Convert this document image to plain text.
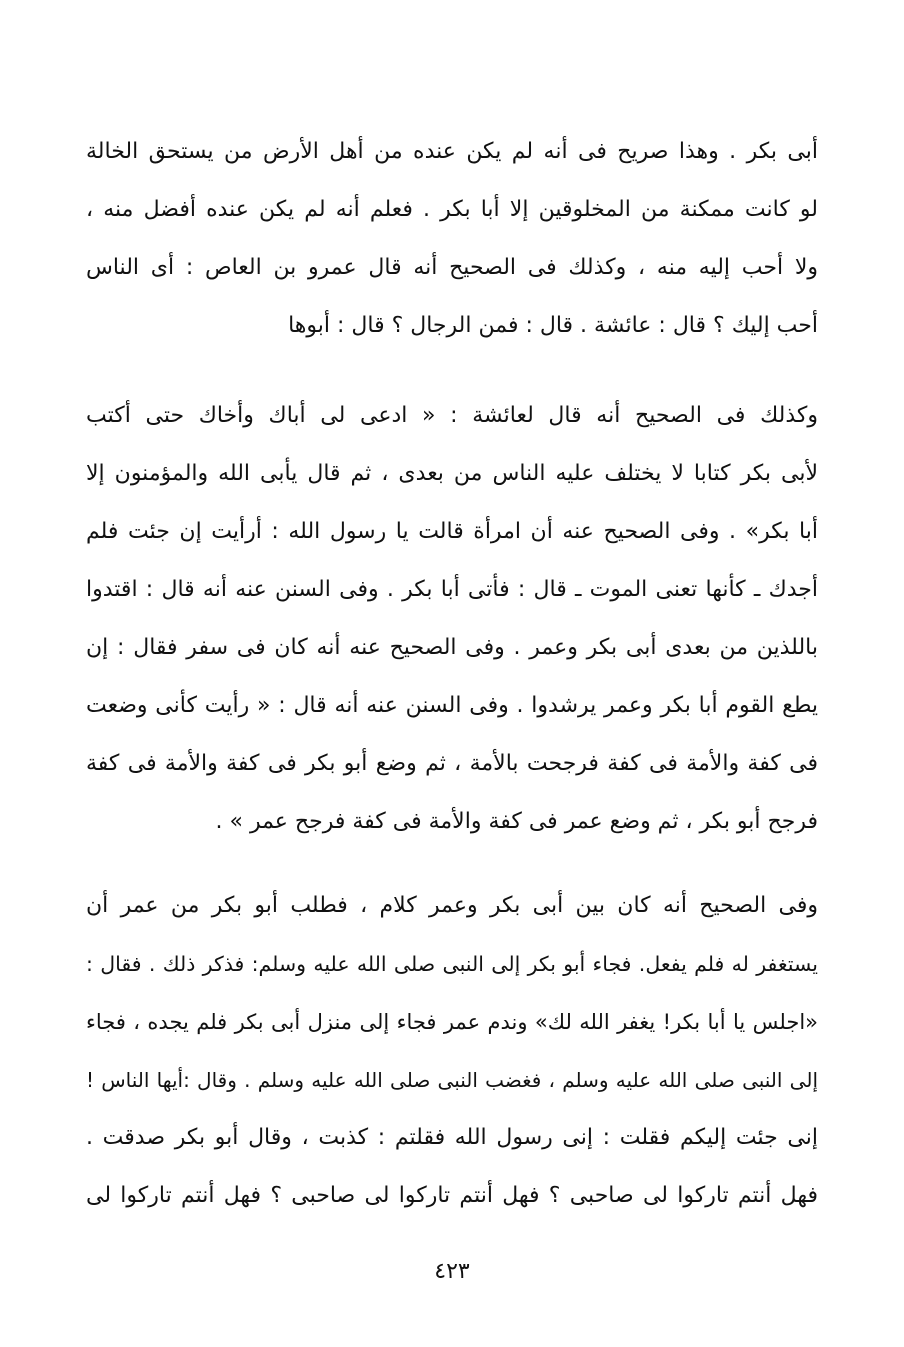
أبى بكر . وهذا صريح فى أنه لم يكن عنده من أهل الأرض من يستحق الخالة
لو كانت ممكنة من المخلوقين إلا أبا بكر . فعلم أنه لم يكن عنده أفضل منه ،
ولا أحب إليه منه ، وكذلك فى الصحيح أنه قال عمرو بن العاص : أى الناس
أحب إليك ؟ قال : عائشة . قال : فمن الرجال ؟ قال : أبوها
وكذلك فى الصحيح أنه قال لعائشة : « ادعى لى أباك وأخاك حتى أكتب
لأبى بكر كتابا لا يختلف عليه الناس من بعدى ، ثم قال يأبى الله والمؤمنون إلا
أبا بكر» . وفى الصحيح عنه أن امرأة قالت يا رسول الله : أرأيت إن جئت فلم
أجدك ـ كأنها تعنى الموت ـ قال : فأتى أبا بكر . وفى السنن عنه أنه قال : اقتدوا
باللذين من بعدى أبى بكر وعمر . وفى الصحيح عنه أنه كان فى سفر فقال : إن
يطع القوم أبا بكر وعمر يرشدوا . وفى السنن عنه أنه قال : « رأيت كأنى وضعت
فى كفة والأمة فى كفة فرجحت بالأمة ، ثم وضع أبو بكر فى كفة والأمة فى كفة
فرجح أبو بكر ، ثم وضع عمر فى كفة والأمة فى كفة فرجح عمر » .
وفى الصحيح أنه كان بين أبى بكر وعمر كلام ، فطلب أبو بكر من عمر أن
يستغفر له فلم يفعل. فجاء أبو بكر إلى النبى صلى الله عليه وسلم: فذكر ذلك . فقال :
«اجلس يا أبا بكر! يغفر الله لك» وندم عمر فجاء إلى منزل أبى بكر فلم يجده ، فجاء
إلى النبى صلى الله عليه وسلم ، فغضب النبى صلى الله عليه وسلم . وقال :أيها الناس !
إنى جئت إليكم فقلت : إنى رسول الله فقلتم : كذبت ، وقال أبو بكر صدقت .
فهل أنتم تاركوا لى صاحبى ؟ فهل أنتم تاركوا لى صاحبى ؟ فهل أنتم تاركوا لى
٤٢٣
